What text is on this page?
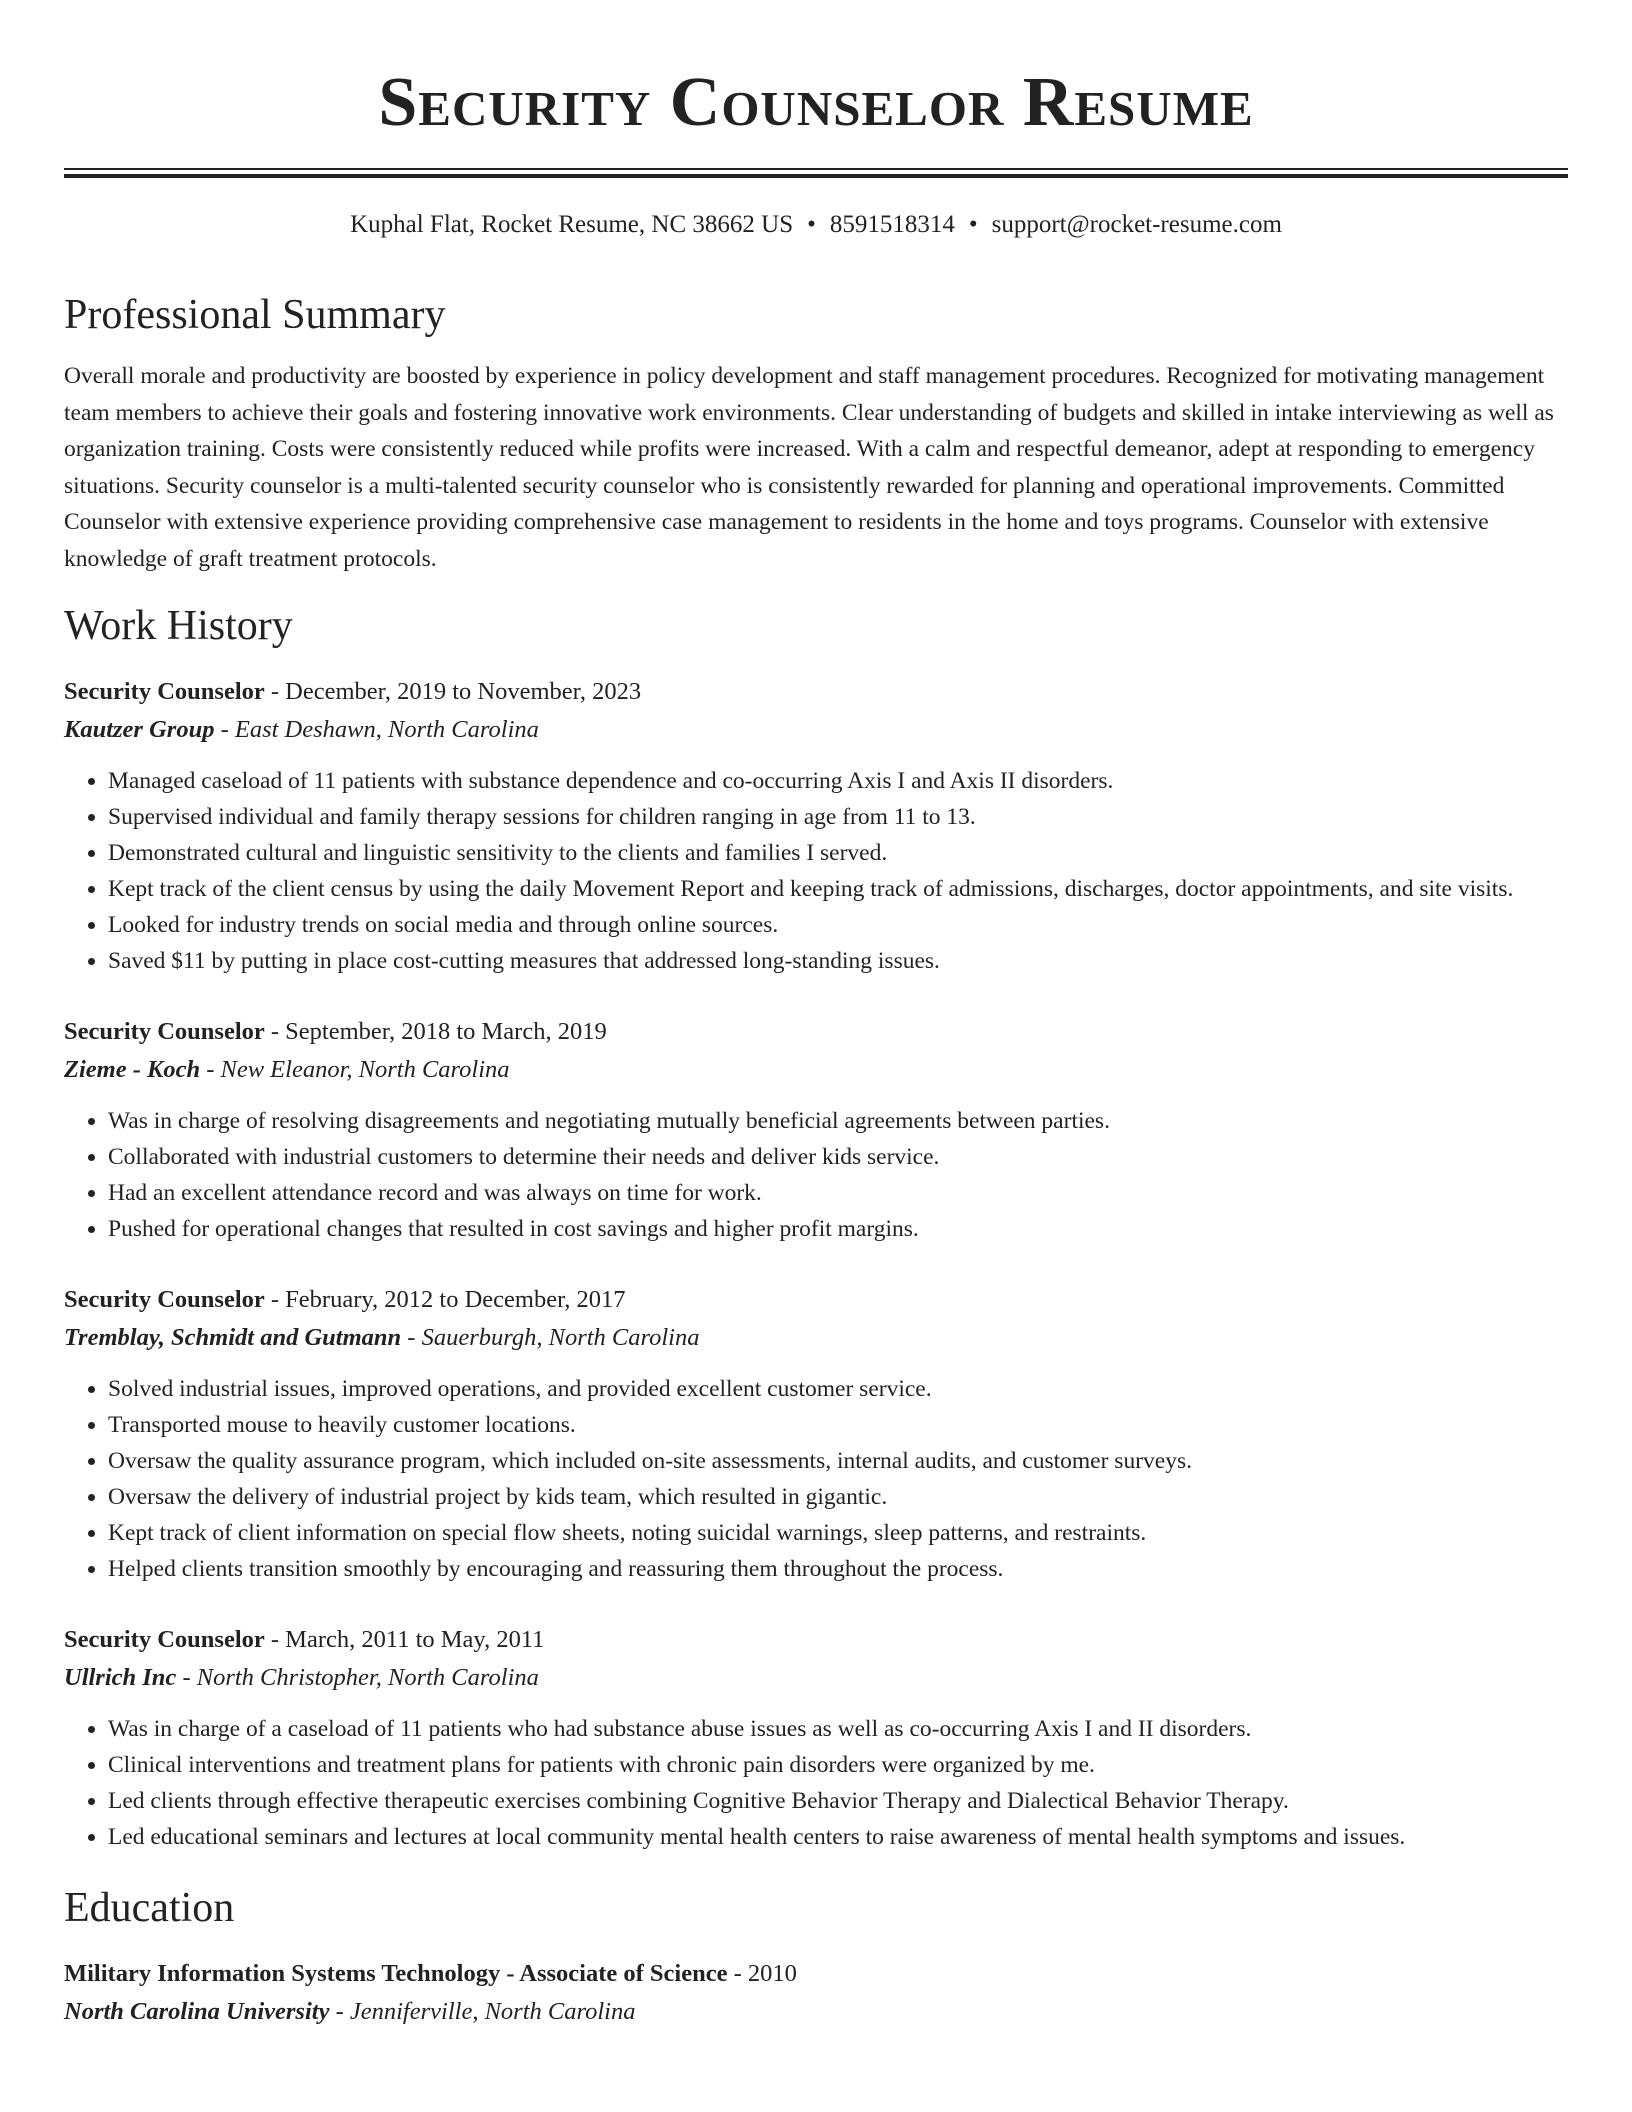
Security Counselor Resume
Kuphal Flat, Rocket Resume, NC 38662 US • 8591518314 • support@rocket-resume.com
Professional Summary
Overall morale and productivity are boosted by experience in policy development and staff management procedures. Recognized for motivating management team members to achieve their goals and fostering innovative work environments. Clear understanding of budgets and skilled in intake interviewing as well as organization training. Costs were consistently reduced while profits were increased. With a calm and respectful demeanor, adept at responding to emergency situations. Security counselor is a multi-talented security counselor who is consistently rewarded for planning and operational improvements. Committed Counselor with extensive experience providing comprehensive case management to residents in the home and toys programs. Counselor with extensive knowledge of graft treatment protocols.
Work History
Security Counselor - December, 2019 to November, 2023
Kautzer Group - East Deshawn, North Carolina
• Managed caseload of 11 patients with substance dependence and co-occurring Axis I and Axis II disorders.
• Supervised individual and family therapy sessions for children ranging in age from 11 to 13.
• Demonstrated cultural and linguistic sensitivity to the clients and families I served.
• Kept track of the client census by using the daily Movement Report and keeping track of admissions, discharges, doctor appointments, and site visits.
• Looked for industry trends on social media and through online sources.
• Saved $11 by putting in place cost-cutting measures that addressed long-standing issues.
Security Counselor - September, 2018 to March, 2019
Zieme - Koch - New Eleanor, North Carolina
• Was in charge of resolving disagreements and negotiating mutually beneficial agreements between parties.
• Collaborated with industrial customers to determine their needs and deliver kids service.
• Had an excellent attendance record and was always on time for work.
• Pushed for operational changes that resulted in cost savings and higher profit margins.
Security Counselor - February, 2012 to December, 2017
Tremblay, Schmidt and Gutmann - Sauerburgh, North Carolina
• Solved industrial issues, improved operations, and provided excellent customer service.
• Transported mouse to heavily customer locations.
• Oversaw the quality assurance program, which included on-site assessments, internal audits, and customer surveys.
• Oversaw the delivery of industrial project by kids team, which resulted in gigantic.
• Kept track of client information on special flow sheets, noting suicidal warnings, sleep patterns, and restraints.
• Helped clients transition smoothly by encouraging and reassuring them throughout the process.
Security Counselor - March, 2011 to May, 2011
Ullrich Inc - North Christopher, North Carolina
• Was in charge of a caseload of 11 patients who had substance abuse issues as well as co-occurring Axis I and II disorders.
• Clinical interventions and treatment plans for patients with chronic pain disorders were organized by me.
• Led clients through effective therapeutic exercises combining Cognitive Behavior Therapy and Dialectical Behavior Therapy.
• Led educational seminars and lectures at local community mental health centers to raise awareness of mental health symptoms and issues.
Education
Military Information Systems Technology - Associate of Science - 2010
North Carolina University - Jenniferville, North Carolina
